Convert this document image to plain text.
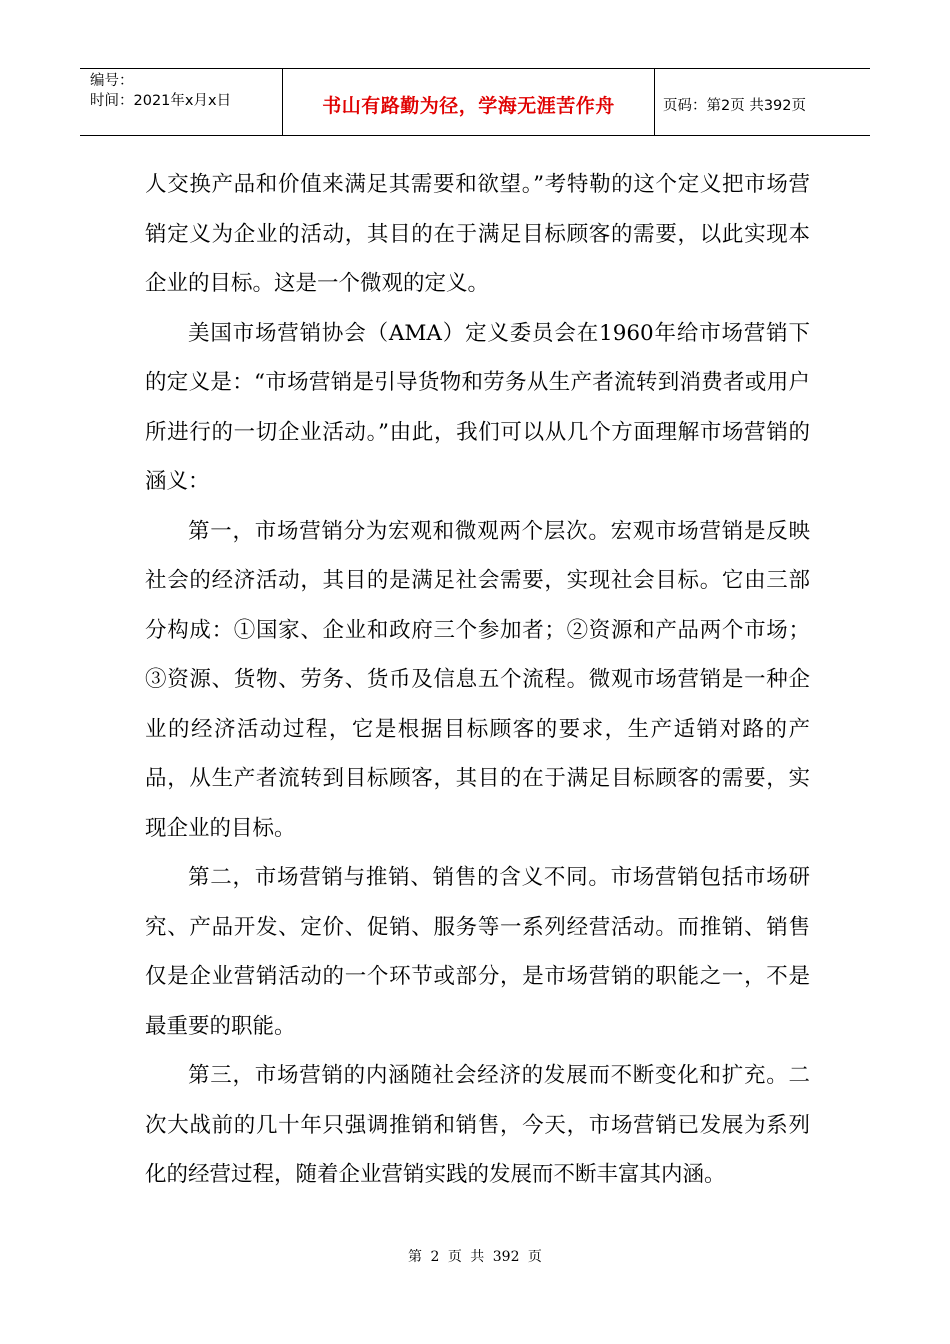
编号：
时间：2021年x月x日	书山有路勤为径，学海无涯苦作舟	页码：第2页 共392页

人交换产品和价值来满足其需要和欲望。”考特勒的这个定义把市场营销定义为企业的活动，其目的在于满足目标顾客的需要，以此实现本企业的目标。这是一个微观的定义。

美国市场营销协会（AMA）定义委员会在1960年给市场营销下的定义是：“市场营销是引导货物和劳务从生产者流转到消费者或用户所进行的一切企业活动。”由此，我们可以从几个方面理解市场营销的涵义：

第一，市场营销分为宏观和微观两个层次。宏观市场营销是反映社会的经济活动，其目的是满足社会需要，实现社会目标。它由三部分构成：①国家、企业和政府三个参加者；②资源和产品两个市场；③资源、货物、劳务、货币及信息五个流程。微观市场营销是一种企业的经济活动过程，它是根据目标顾客的要求，生产适销对路的产品，从生产者流转到目标顾客，其目的在于满足目标顾客的需要，实现企业的目标。

第二，市场营销与推销、销售的含义不同。市场营销包括市场研究、产品开发、定价、促销、服务等一系列经营活动。而推销、销售仅是企业营销活动的一个环节或部分，是市场营销的职能之一，不是最重要的职能。

第三，市场营销的内涵随社会经济的发展而不断变化和扩充。二次大战前的几十年只强调推销和销售，今天，市场营销已发展为系列化的经营过程，随着企业营销实践的发展而不断丰富其内涵。

第 2 页 共 392 页
